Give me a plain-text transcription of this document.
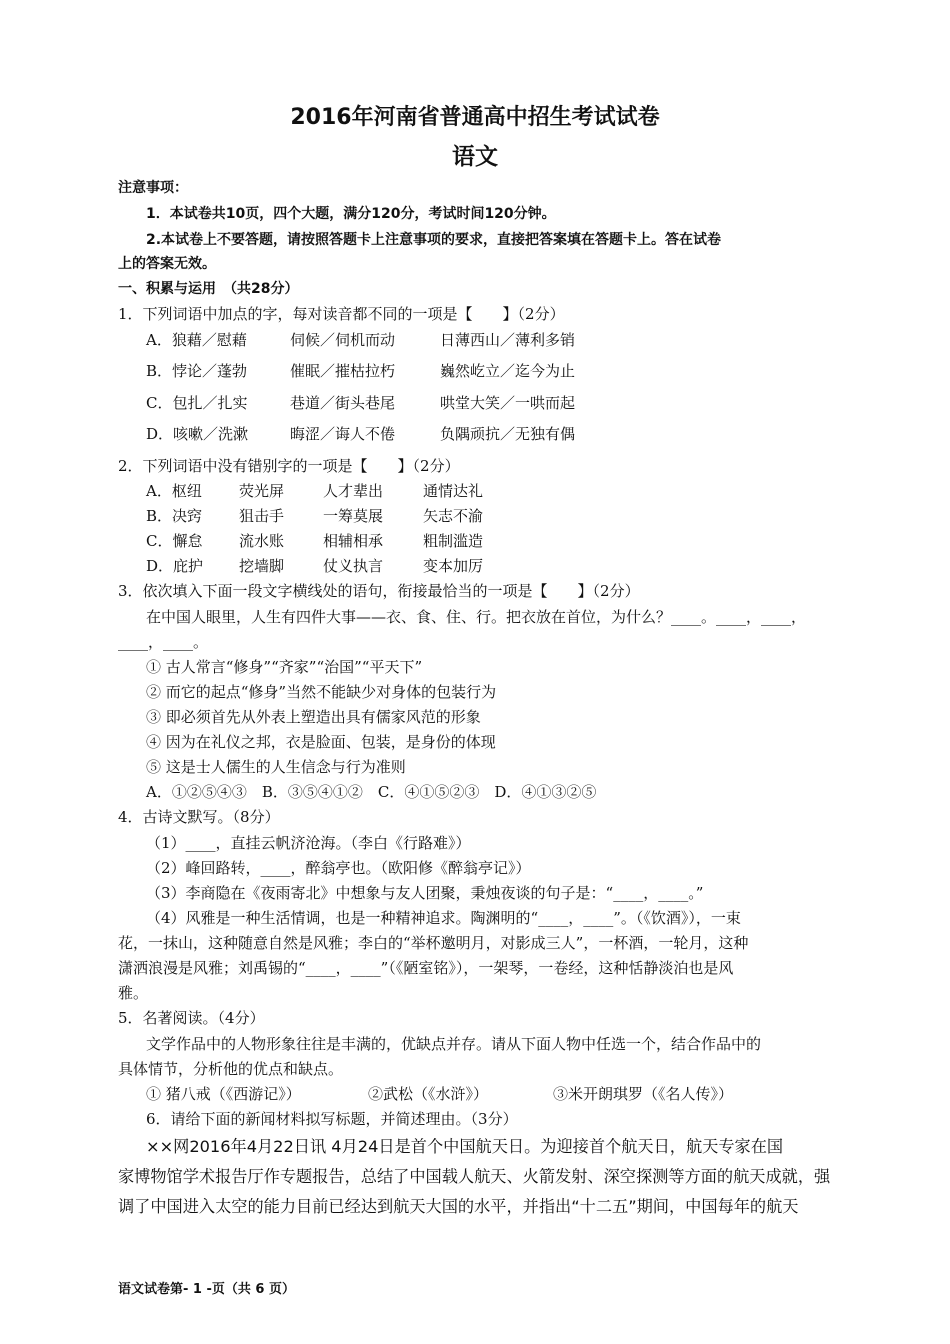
2016年河南省普通高中招生考试试卷
语文
注意事项：
1．本试卷共10页，四个大题，满分120分，考试时间120分钟。
2.本试卷上不要答题，请按照答题卡上注意事项的要求，直接把答案填在答题卡上。答在试卷
上的答案无效。
一、积累与运用　（共28分）
1．下列词语中加点的字，每对读音都不同的一项是【　　】（2分）
A．狼藉／慰藉	伺候／伺机而动	日薄西山／薄利多销
B．悖论／蓬勃	催眠／摧枯拉朽	巍然屹立／迄今为止
C．包扎／扎实	巷道／街头巷尾	哄堂大笑／一哄而起
D．咳嗽／洗漱	晦涩／诲人不倦	负隅顽抗／无独有偶
2．下列词语中没有错别字的一项是【　　】（2分）
A．枢纽 荧光屏	人才辈出	通情达礼
B．决窍 狙击手	一筹莫展	矢志不渝
C．懈怠 流水账	相辅相承	粗制滥造
D．庇护 挖墙脚	仗义执言	变本加厉
3．依次填入下面一段文字横线处的语句，衔接最恰当的一项是【　　】（2分）
在中国人眼里，人生有四件大事——衣、食、住、行。把衣放在首位，为什么？____。____，____，
____，____。
① 古人常言“修身”“齐家”“治国”“平天下”
② 而它的起点“修身”当然不能缺少对身体的包装行为
③ 即必须首先从外表上塑造出具有儒家风范的形象
④ 因为在礼仪之邦，衣是脸面、包装，是身份的体现
⑤ 这是士人儒生的人生信念与行为准则
A．①②⑤④③　B．③⑤④①②　C．④①⑤②③　D．④①③②⑤
4．古诗文默写。（8分）
（1）____，直挂云帆济沧海。（李白《行路难》）
（2）峰回路转，____，醉翁亭也。（欧阳修《醉翁亭记》）
（3）李商隐在《夜雨寄北》中想象与友人团聚，秉烛夜谈的句子是：“____，____。”
（4）风雅是一种生活情调，也是一种精神追求。陶渊明的“____，____”。（《饮酒》），一束
花，一抹山，这种随意自然是风雅；李白的“举杯邀明月，对影成三人”，一杯酒，一轮月，这种
潇洒浪漫是风雅；刘禹锡的“____，____”（《陋室铭》），一架琴，一卷经，这种恬静淡泊也是风
雅。
5．名著阅读。（4分）
文学作品中的人物形象往往是丰满的，优缺点并存。请从下面人物中任选一个，结合作品中的
具体情节，分析他的优点和缺点。
① 猪八戒（《西游记》）	②武松（《水浒》）	③米开朗琪罗（《名人传》）
6．请给下面的新闻材料拟写标题，并简述理由。（3分）
××网2016年4月22日讯 4月24日是首个中国航天日。为迎接首个航天日，航天专家在国
家博物馆学术报告厅作专题报告，总结了中国载人航天、火箭发射、深空探测等方面的航天成就，强
调了中国进入太空的能力目前已经达到航天大国的水平，并指出“十二五”期间，中国每年的航天
语文试卷第- 1 -页（共 6 页）
